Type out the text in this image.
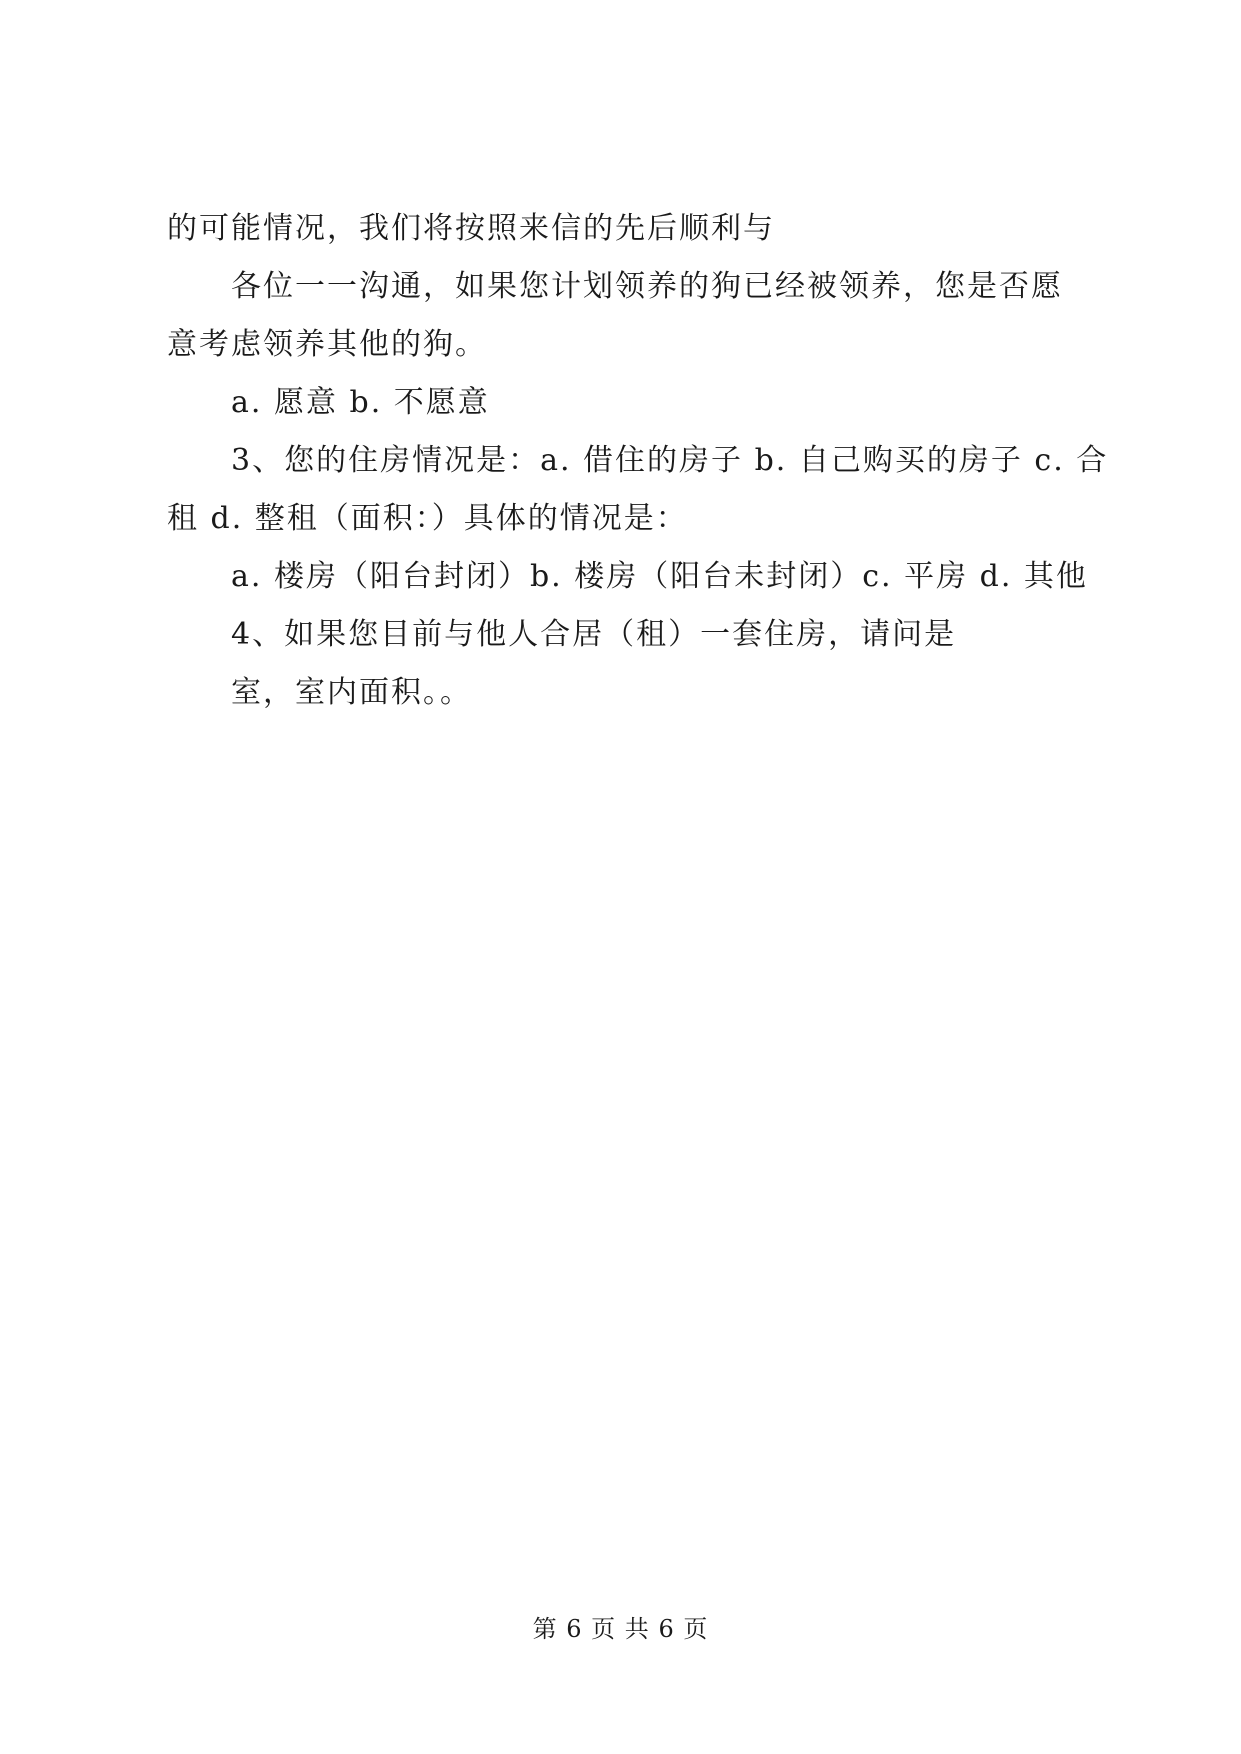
的可能情况，我们将按照来信的先后顺利与
各位一一沟通，如果您计划领养的狗已经被领养，您是否愿
意考虑领养其他的狗。
a. 愿意 b. 不愿意
3、您的住房情况是：a. 借住的房子 b. 自己购买的房子 c. 合
租 d. 整租（面积：）具体的情况是：
a. 楼房（阳台封闭）b. 楼房（阳台未封闭）c. 平房 d. 其他
4、如果您目前与他人合居（租）一套住房，请问是
室，室内面积。。
第 6 页 共 6 页
